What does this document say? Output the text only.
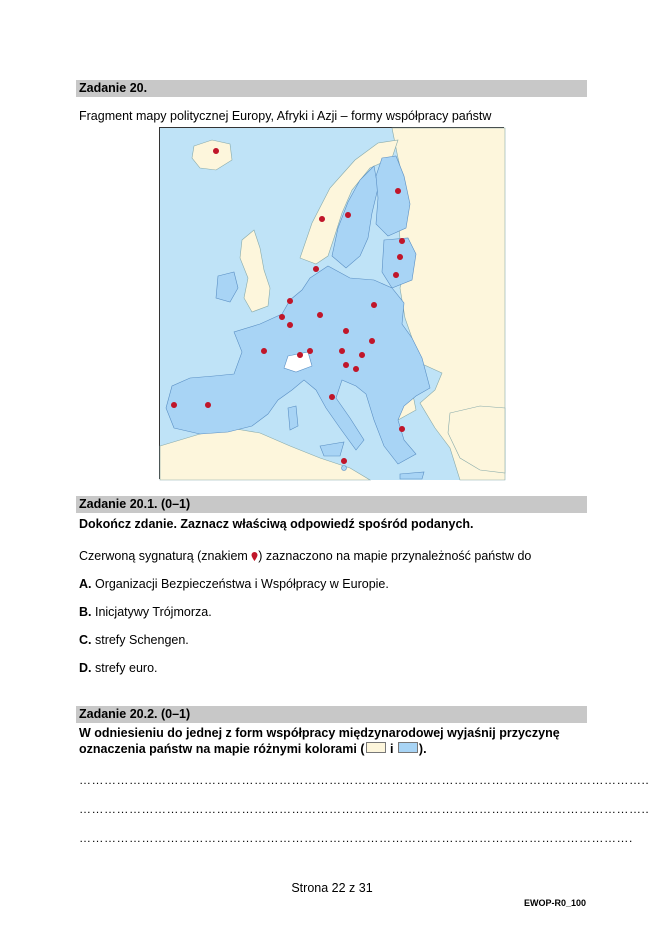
Zadanie 20.
Fragment mapy politycznej Europy, Afryki i Azji – formy współpracy państw
Zadanie 20.1. (0–1)
Dokończ zdanie. Zaznacz właściwą odpowiedź spośród podanych.
Czerwoną sygnaturą (znakiem ) zaznaczono na mapie przynależność państw do
A. Organizacji Bezpieczeństwa i Współpracy w Europie.
B. Inicjatywy Trójmorza.
C. strefy Schengen.
D. strefy euro.
Zadanie 20.2. (0–1)
W odniesieniu do jednej z form współpracy międzynarodowej wyjaśnij przyczynę
oznaczenia państw na mapie różnymi kolorami ( i ).
………………………………………………………………………………………………………………………..
………………………………………………………………………………………………………………………..
…………………………………………………………………………………………………………………….
Strona 22 z 31
EWOP-R0_100
